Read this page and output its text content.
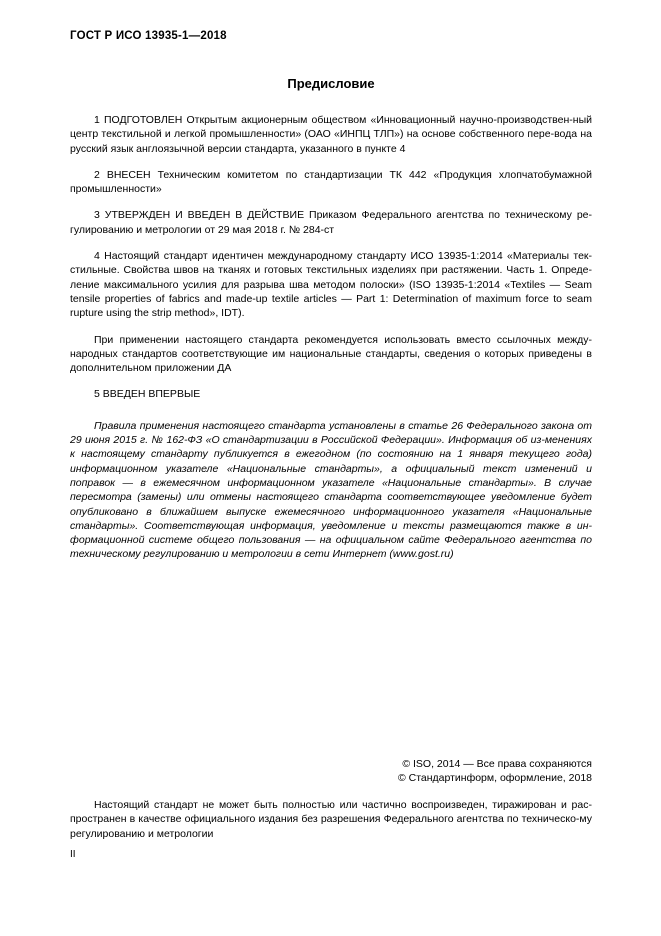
ГОСТ Р ИСО 13935-1—2018
Предисловие

1 ПОДГОТОВЛЕН Открытым акционерным обществом «Инновационный научно-производствен-ный центр текстильной и легкой промышленности» (ОАО «ИНПЦ ТЛП») на основе собственного пере-вода на русский язык англоязычной версии стандарта, указанного в пункте 4

2 ВНЕСЕН Техническим комитетом по стандартизации ТК 442 «Продукция хлопчатобумажной промышленности»

3 УТВЕРЖДЕН И ВВЕДЕН В ДЕЙСТВИЕ Приказом Федерального агентства по техническому ре-гулированию и метрологии от 29 мая 2018 г. № 284-ст

4 Настоящий стандарт идентичен международному стандарту ИСО 13935-1:2014 «Материалы тек-стильные. Свойства швов на тканях и готовых текстильных изделиях при растяжении. Часть 1. Опреде-ление максимального усилия для разрыва шва методом полоски» (ISO 13935-1:2014 «Textiles — Seam tensile properties of fabrics and made-up textile articles — Part 1: Determination of maximum force to seam rupture using the strip method», IDT).

При применении настоящего стандарта рекомендуется использовать вместо ссылочных между-народных стандартов соответствующие им национальные стандарты, сведения о которых приведены в дополнительном приложении ДА

5 ВВЕДЕН ВПЕРВЫЕ

Правила применения настоящего стандарта установлены в статье 26 Федерального закона от 29 июня 2015 г. № 162-ФЗ «О стандартизации в Российской Федерации». Информация об из-менениях к настоящему стандарту публикуется в ежегодном (по состоянию на 1 января текущего года) информационном указателе «Национальные стандарты», а официальный текст изменений и поправок — в ежемесячном информационном указателе «Национальные стандарты». В случае пересмотра (замены) или отмены настоящего стандарта соответствующее уведомление будет опубликовано в ближайшем выпуске ежемесячного информационного указателя «Национальные стандарты». Соответствующая информация, уведомление и тексты размещаются также в ин-формационной системе общего пользования — на официальном сайте Федерального агентства по техническому регулированию и метрологии в сети Интернет (www.gost.ru)
© ISO, 2014 — Все права сохраняются
© Стандартинформ, оформление, 2018
Настоящий стандарт не может быть полностью или частично воспроизведен, тиражирован и рас-пространен в качестве официального издания без разрешения Федерального агентства по техническо-му регулированию и метрологии
II
